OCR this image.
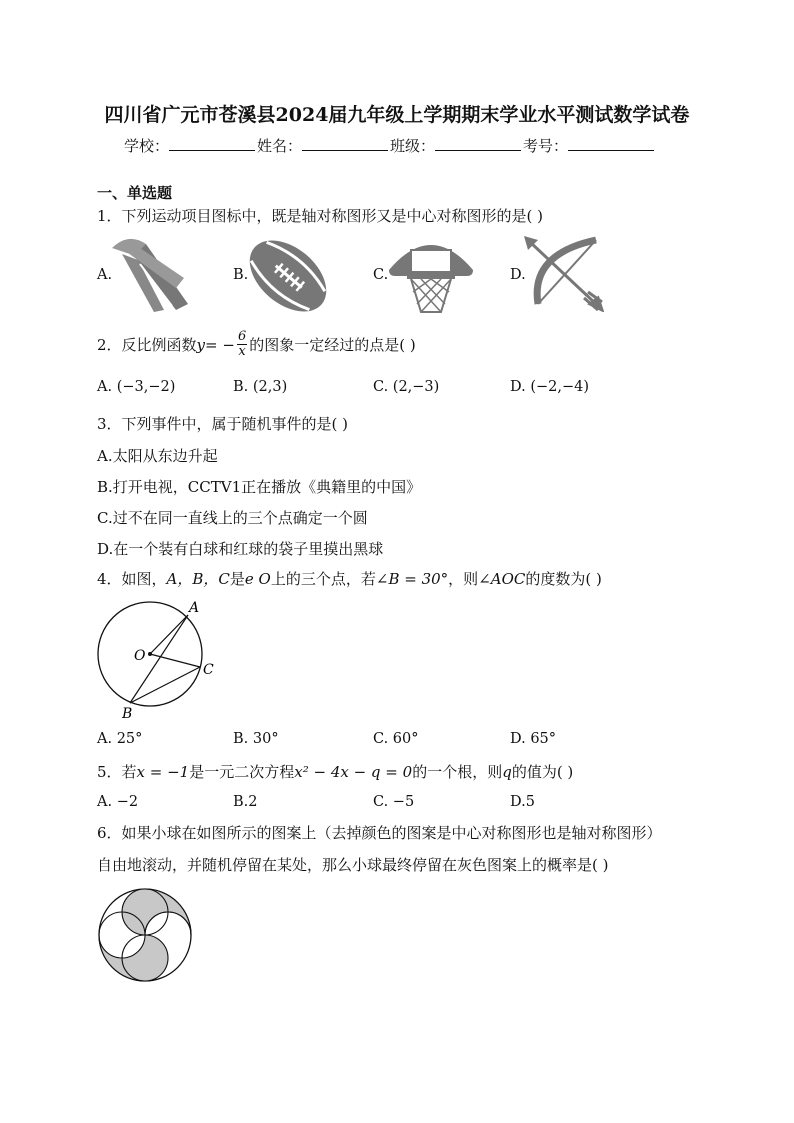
四川省广元市苍溪县2024届九年级上学期期末学业水平测试数学试卷
学校：	姓名：	班级：	考号：
一、单选题
1．下列运动项目图标中，既是轴对称图形又是中心对称图形的是( )
A.	B.	C.	D.
2．反比例函数 y = − $\frac{6}{x}$ 的图象一定经过的点是( )
A. (−3,−2)	B. (2,3)	C. (2,−3)	D. (−2,−4)
3．下列事件中，属于随机事件的是( )
A.太阳从东边升起
B.打开电视，CCTV1正在播放《典籍里的中国》
C.过不在同一直线上的三个点确定一个圆
D.在一个装有白球和红球的袋子里摸出黑球
4．如图，A，B，C是e O上的三个点，若∠B = 30°，则∠AOC的度数为( )
A
O
C
B
A. 25°	B. 30°	C. 60°	D. 65°
5．若x = −1是一元二次方程x² − 4x − q = 0的一个根，则q的值为( )
A. −2	B.2	C. −5	D.5
6．如果小球在如图所示的图案上（去掉颜色的图案是中心对称图形也是轴对称图形）
自由地滚动，并随机停留在某处，那么小球最终停留在灰色图案上的概率是( )
